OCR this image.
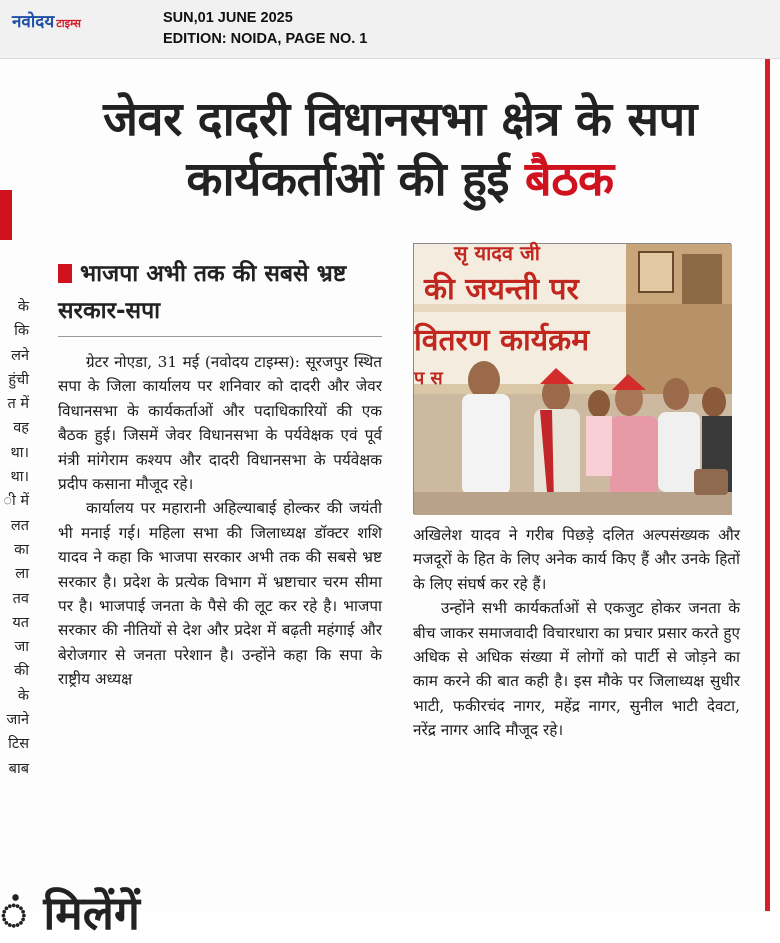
नवोदय टाइम्स	SUN,01 JUNE 2025
EDITION: NOIDA, PAGE NO. 1
जेवर दादरी विधानसभा क्षेत्र के सपा
कार्यकर्ताओं की हुई बैठक
भाजपा अभी तक की सबसे भ्रष्ट सरकार-सपा
के
कि
लने
हुंची
त में
वह
था।
था।
ी में
लत
का
ला
तव
यत
जा
की
के
जाने
टिस
बाब

ग्रेटर नोएडा, 31 मई (नवोदय टाइम्स): सूरजपुर स्थित सपा के जिला कार्यालय पर शनिवार को दादरी और जेवर विधानसभा के कार्यकर्ताओं और पदाधिकारियों की एक बैठक हुई। जिसमें जेवर विधानसभा के पर्यवेक्षक एवं पूर्व मंत्री मांगेराम कश्यप और दादरी विधानसभा के पर्यवेक्षक प्रदीप कसाना मौजूद रहे।

कार्यालय पर महारानी अहिल्याबाई होल्कर की जयंती भी मनाई गई। महिला सभा की जिलाध्यक्ष डॉक्टर शशि यादव ने कहा कि भाजपा सरकार अभी तक की सबसे भ्रष्ट सरकार है। प्रदेश के प्रत्येक विभाग में भ्रष्टाचार चरम सीमा पर है। भाजपाई जनता के पैसे की लूट कर रहे है। भाजपा सरकार की नीतियों से देश और प्रदेश में बढ़ती महंगाई और बेरोजगार से जनता परेशान है। उन्होंने कहा कि सपा के राष्ट्रीय अध्यक्ष

की जयन्ती पर
वितरण कार्यक्रम
सृ यादव जी
प स

अखिलेश यादव ने गरीब पिछड़े दलित अल्पसंख्यक और मजदूरों के हित के लिए अनेक कार्य किए हैं और उनके हितों के लिए संघर्ष कर रहे हैं।

उन्होंने सभी कार्यकर्ताओं से एकजुट होकर जनता के बीच जाकर समाजवादी विचारधारा का प्रचार प्रसार करते हुए अधिक से अधिक संख्या में लोगों को पार्टी से जोड़ने का काम करने की बात कही है। इस मौके पर जिलाध्यक्ष सुधीर भाटी, फकीरचंद नागर, महेंद्र नागर, सुनील भाटी देवटा, नरेंद्र नागर आदि मौजूद रहे।

ं मिलेंगें
